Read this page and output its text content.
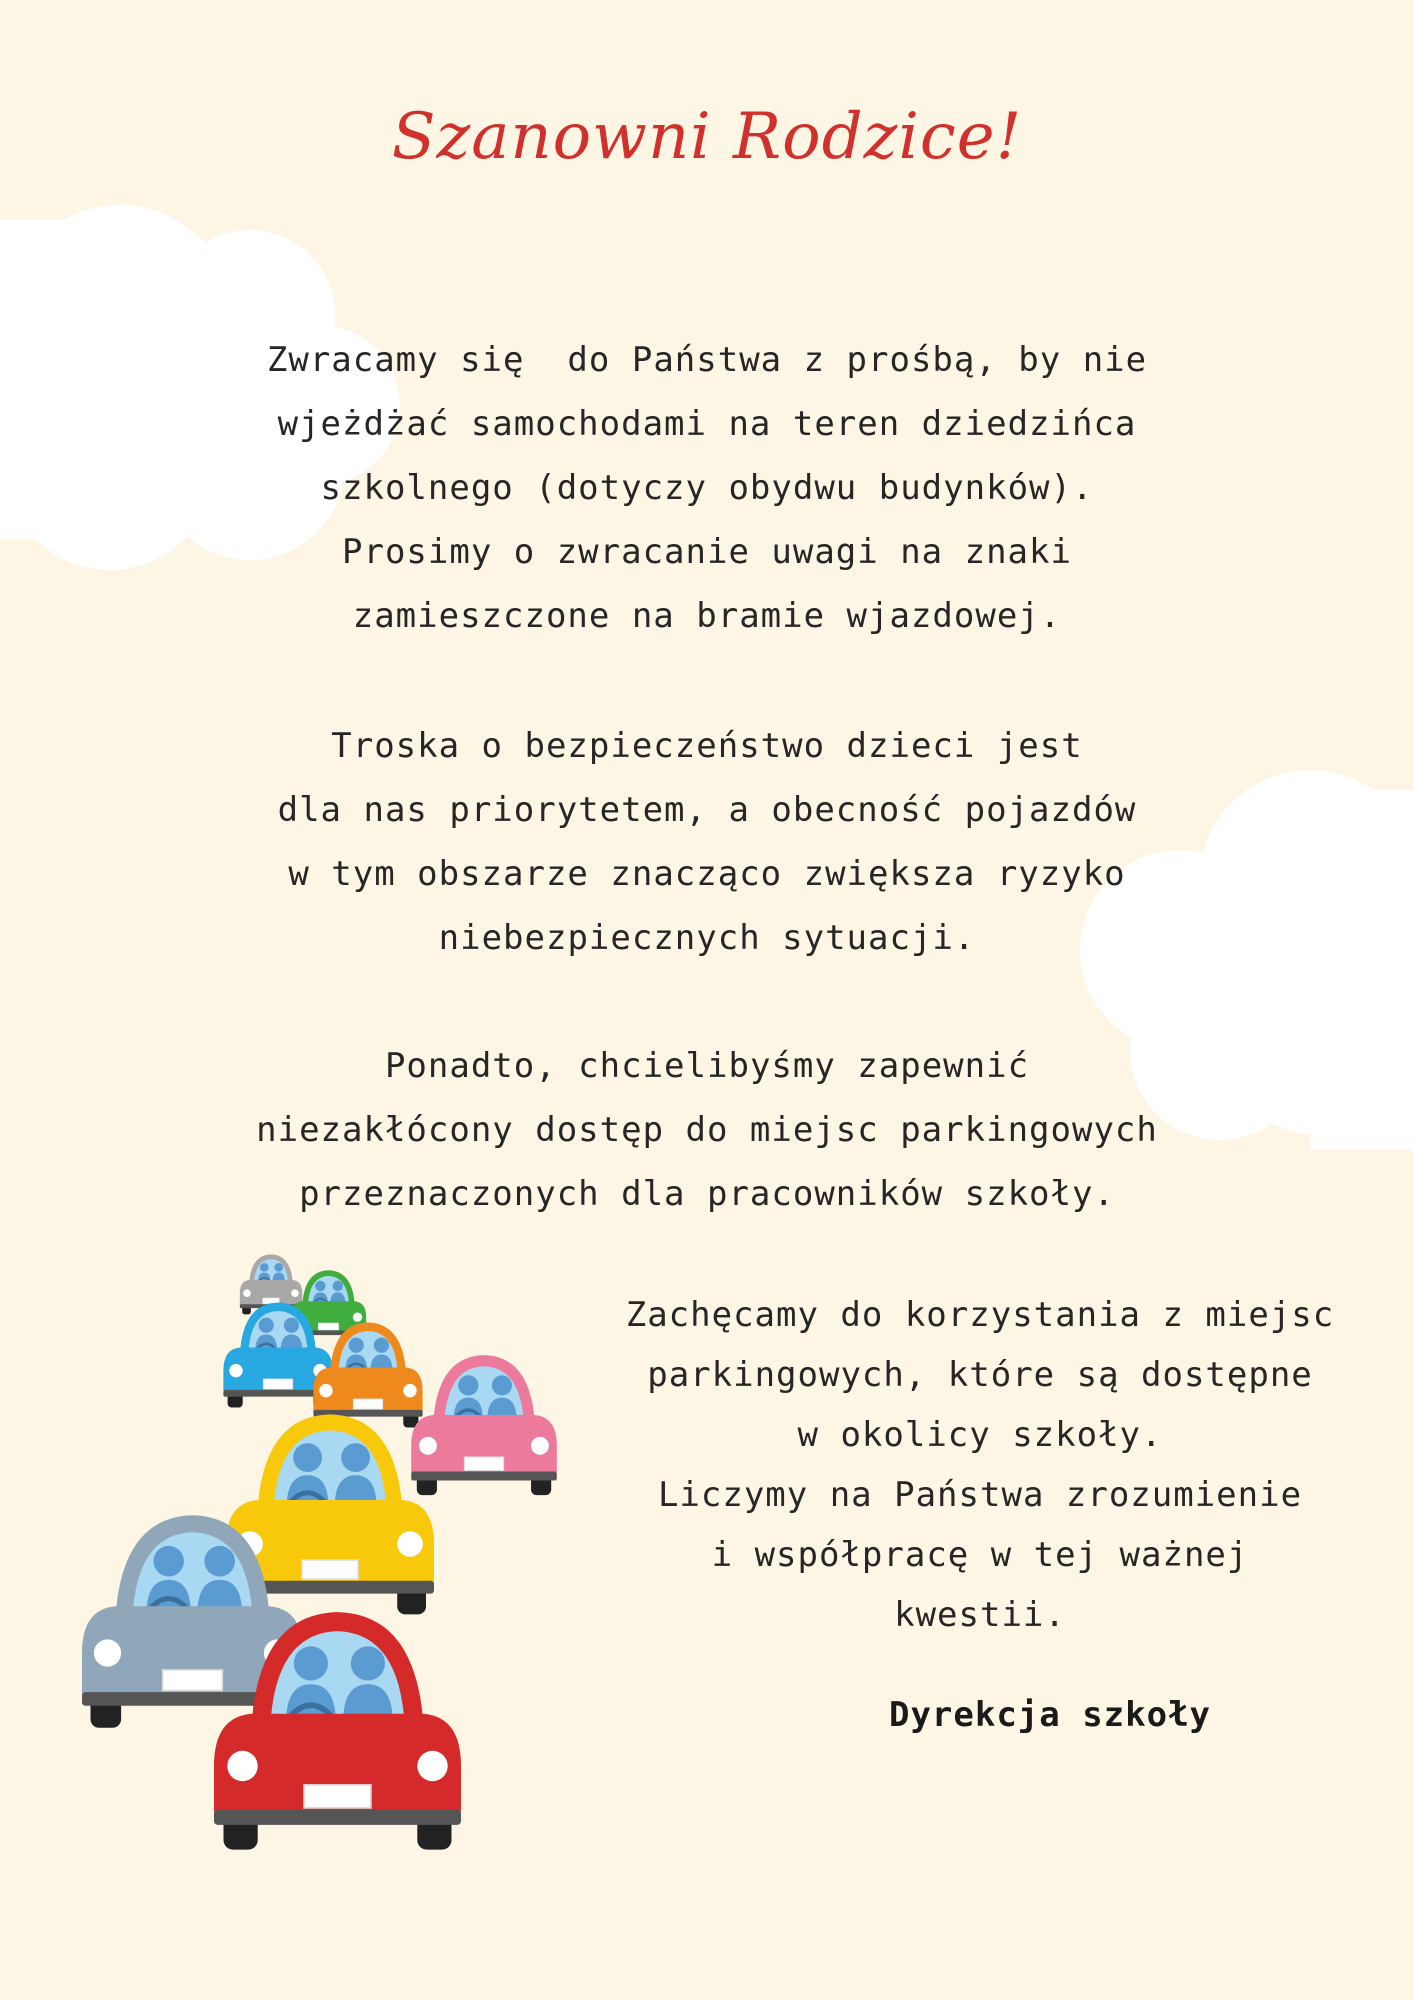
Szanowni Rodzice!
Zwracamy się  do Państwa z prośbą, by nie
wjeżdżać samochodami na teren dziedzińca
szkolnego (dotyczy obydwu budynków).
Prosimy o zwracanie uwagi na znaki
zamieszczone na bramie wjazdowej.
Troska o bezpieczeństwo dzieci jest
dla nas priorytetem, a obecność pojazdów
w tym obszarze znacząco zwiększa ryzyko
niebezpiecznych sytuacji.
Ponadto, chcielibyśmy zapewnić
niezakłócony dostęp do miejsc parkingowych
przeznaczonych dla pracowników szkoły.
Zachęcamy do korzystania z miejsc
parkingowych, które są dostępne
w okolicy szkoły.
Liczymy na Państwa zrozumienie
i współpracę w tej ważnej
kwestii.
Dyrekcja szkoły
